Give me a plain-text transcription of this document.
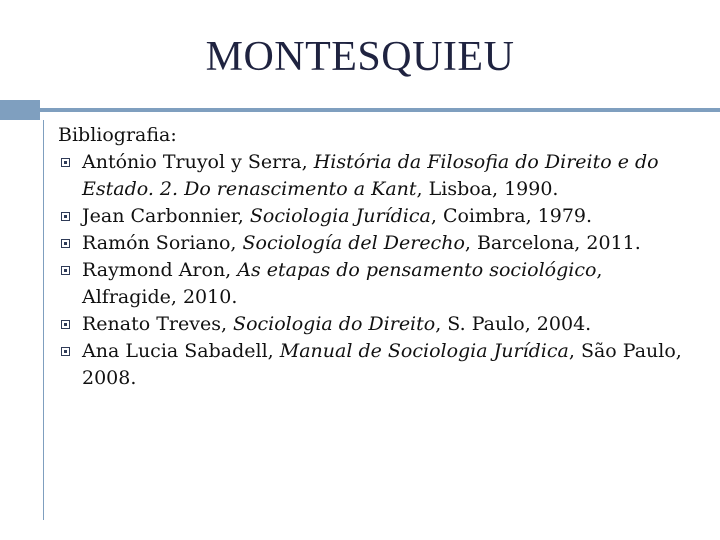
MONTESQUIEU
Bibliografia:
António Truyol y Serra, História da Filosofia do Direito e do Estado. 2. Do renascimento a Kant, Lisboa, 1990.
Jean Carbonnier, Sociologia Jurídica, Coimbra, 1979.
Ramón Soriano, Sociología del Derecho, Barcelona, 2011.
Raymond Aron, As etapas do pensamento sociológico, Alfragide, 2010.
Renato Treves, Sociologia do Direito, S. Paulo, 2004.
Ana Lucia Sabadell, Manual de Sociologia Jurídica, São Paulo, 2008.
